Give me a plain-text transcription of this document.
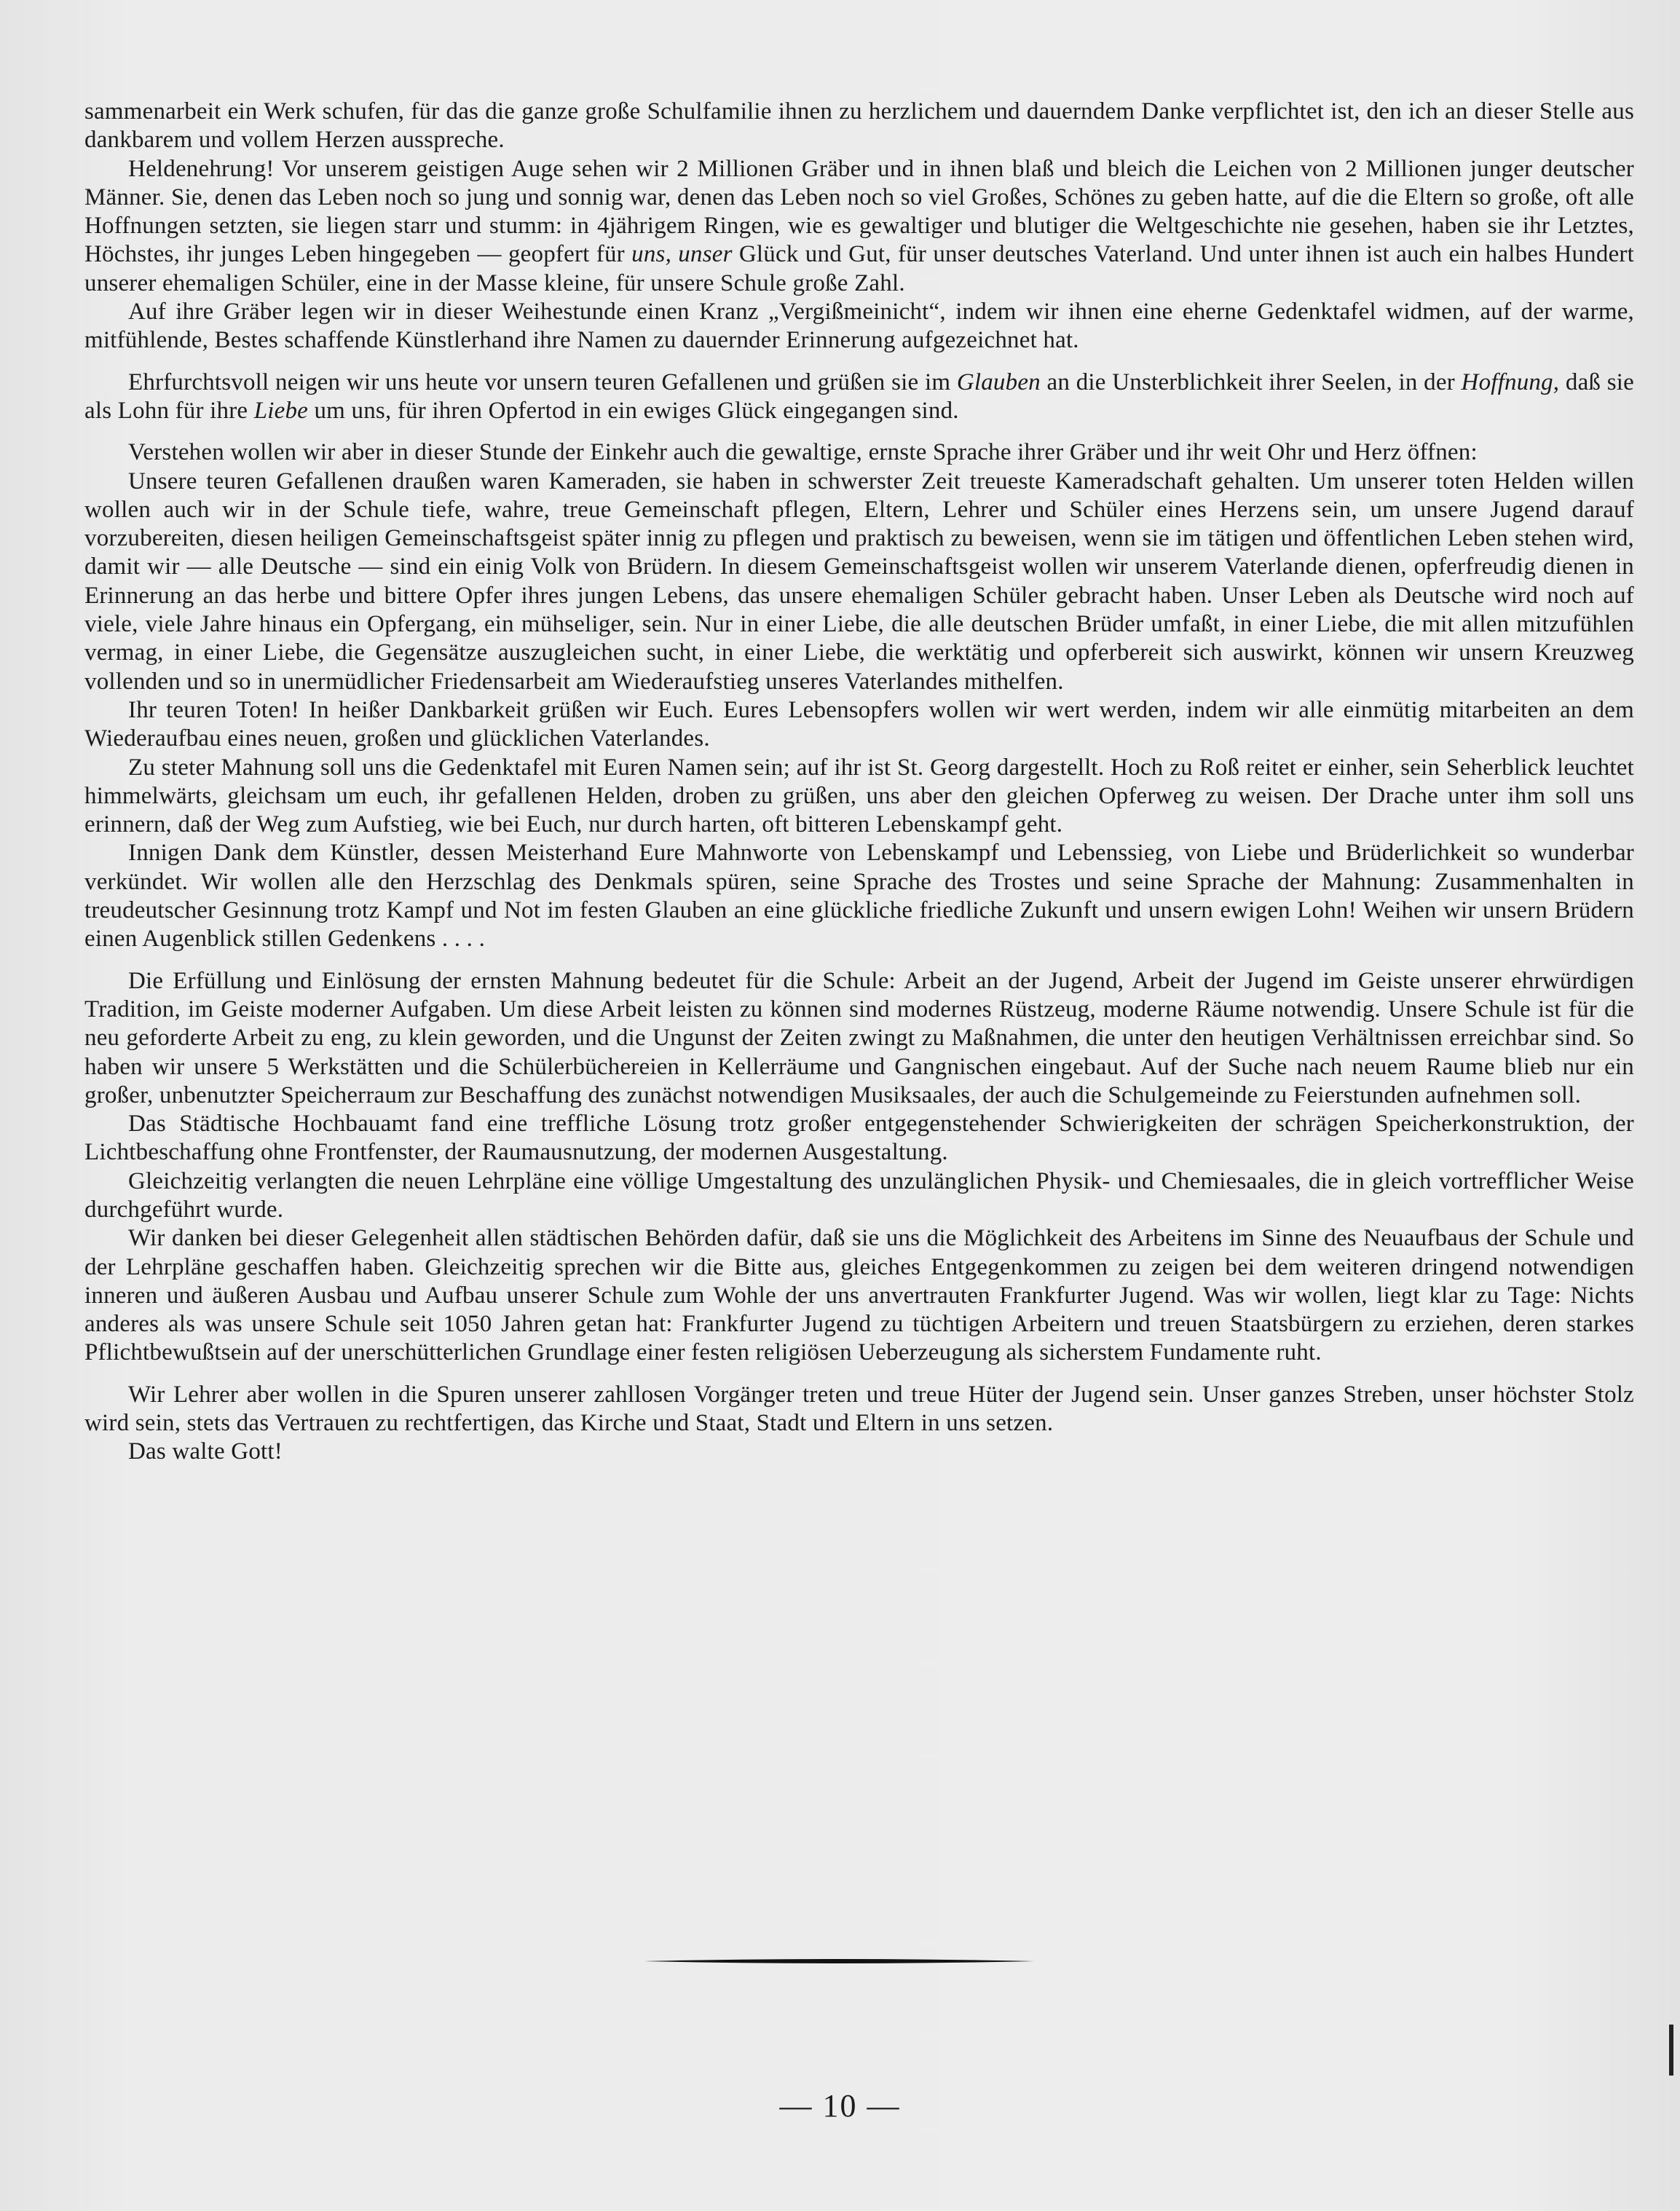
sammenarbeit ein Werk schufen, für das die ganze große Schulfamilie ihnen zu herzlichem und dauerndem Danke verpflichtet ist, den ich an dieser Stelle aus dankbarem und vollem Herzen ausspreche.

Heldenehrung! Vor unserem geistigen Auge sehen wir 2 Millionen Gräber und in ihnen blaß und bleich die Leichen von 2 Millionen junger deutscher Männer. Sie, denen das Leben noch so jung und sonnig war, denen das Leben noch so viel Großes, Schönes zu geben hatte, auf die die Eltern so große, oft alle Hoffnungen setzten, sie liegen starr und stumm: in 4jährigem Ringen, wie es gewaltiger und blutiger die Weltgeschichte nie gesehen, haben sie ihr Letztes, Höchstes, ihr junges Leben hingegeben — geopfert für uns, unser Glück und Gut, für unser deutsches Vaterland. Und unter ihnen ist auch ein halbes Hundert unserer ehemaligen Schüler, eine in der Masse kleine, für unsere Schule große Zahl.

Auf ihre Gräber legen wir in dieser Weihestunde einen Kranz „Vergißmeinicht“, indem wir ihnen eine eherne Gedenktafel widmen, auf der warme, mitfühlende, Bestes schaffende Künstlerhand ihre Namen zu dauernder Erinnerung aufgezeichnet hat.

Ehrfurchtsvoll neigen wir uns heute vor unsern teuren Gefallenen und grüßen sie im Glauben an die Unsterblichkeit ihrer Seelen, in der Hoffnung, daß sie als Lohn für ihre Liebe um uns, für ihren Opfertod in ein ewiges Glück eingegangen sind.

Verstehen wollen wir aber in dieser Stunde der Einkehr auch die gewaltige, ernste Sprache ihrer Gräber und ihr weit Ohr und Herz öffnen:

Unsere teuren Gefallenen draußen waren Kameraden, sie haben in schwerster Zeit treueste Kameradschaft gehalten. Um unserer toten Helden willen wollen auch wir in der Schule tiefe, wahre, treue Gemeinschaft pflegen, Eltern, Lehrer und Schüler eines Herzens sein, um unsere Jugend darauf vorzubereiten, diesen heiligen Gemeinschaftsgeist später innig zu pflegen und praktisch zu beweisen, wenn sie im tätigen und öffentlichen Leben stehen wird, damit wir — alle Deutsche — sind ein einig Volk von Brüdern. In diesem Gemeinschaftsgeist wollen wir unserem Vaterlande dienen, opferfreudig dienen in Erinnerung an das herbe und bittere Opfer ihres jungen Lebens, das unsere ehemaligen Schüler gebracht haben. Unser Leben als Deutsche wird noch auf viele, viele Jahre hinaus ein Opfergang, ein mühseliger, sein. Nur in einer Liebe, die alle deutschen Brüder umfaßt, in einer Liebe, die mit allen mitzufühlen vermag, in einer Liebe, die Gegensätze auszugleichen sucht, in einer Liebe, die werktätig und opferbereit sich auswirkt, können wir unsern Kreuzweg vollenden und so in unermüdlicher Friedensarbeit am Wiederaufstieg unseres Vaterlandes mithelfen.

Ihr teuren Toten! In heißer Dankbarkeit grüßen wir Euch. Eures Lebensopfers wollen wir wert werden, indem wir alle einmütig mitarbeiten an dem Wiederaufbau eines neuen, großen und glücklichen Vaterlandes.

Zu steter Mahnung soll uns die Gedenktafel mit Euren Namen sein; auf ihr ist St. Georg dargestellt. Hoch zu Roß reitet er einher, sein Seherblick leuchtet himmelwärts, gleichsam um euch, ihr gefallenen Helden, droben zu grüßen, uns aber den gleichen Opferweg zu weisen. Der Drache unter ihm soll uns erinnern, daß der Weg zum Aufstieg, wie bei Euch, nur durch harten, oft bitteren Lebenskampf geht.

Innigen Dank dem Künstler, dessen Meisterhand Eure Mahnworte von Lebenskampf und Lebenssieg, von Liebe und Brüderlichkeit so wunderbar verkündet. Wir wollen alle den Herzschlag des Denkmals spüren, seine Sprache des Trostes und seine Sprache der Mahnung: Zusammenhalten in treudeutscher Gesinnung trotz Kampf und Not im festen Glauben an eine glückliche friedliche Zukunft und unsern ewigen Lohn! Weihen wir unsern Brüdern einen Augenblick stillen Gedenkens . . . .

Die Erfüllung und Einlösung der ernsten Mahnung bedeutet für die Schule: Arbeit an der Jugend, Arbeit der Jugend im Geiste unserer ehrwürdigen Tradition, im Geiste moderner Aufgaben. Um diese Arbeit leisten zu können sind modernes Rüstzeug, moderne Räume notwendig. Unsere Schule ist für die neu geforderte Arbeit zu eng, zu klein geworden, und die Ungunst der Zeiten zwingt zu Maßnahmen, die unter den heutigen Verhältnissen erreichbar sind. So haben wir unsere 5 Werkstätten und die Schülerbüchereien in Kellerräume und Gangnischen eingebaut. Auf der Suche nach neuem Raume blieb nur ein großer, unbenutzter Speicherraum zur Beschaffung des zunächst notwendigen Musiksaales, der auch die Schulgemeinde zu Feierstunden aufnehmen soll.

Das Städtische Hochbauamt fand eine treffliche Lösung trotz großer entgegenstehender Schwierigkeiten der schrägen Speicherkonstruktion, der Lichtbeschaffung ohne Frontfenster, der Raumausnutzung, der modernen Ausgestaltung.

Gleichzeitig verlangten die neuen Lehrpläne eine völlige Umgestaltung des unzulänglichen Physik- und Chemiesaales, die in gleich vortrefflicher Weise durchgeführt wurde.

Wir danken bei dieser Gelegenheit allen städtischen Behörden dafür, daß sie uns die Möglichkeit des Arbeitens im Sinne des Neuaufbaus der Schule und der Lehrpläne geschaffen haben. Gleichzeitig sprechen wir die Bitte aus, gleiches Entgegenkommen zu zeigen bei dem weiteren dringend notwendigen inneren und äußeren Ausbau und Aufbau unserer Schule zum Wohle der uns anvertrauten Frankfurter Jugend. Was wir wollen, liegt klar zu Tage: Nichts anderes als was unsere Schule seit 1050 Jahren getan hat: Frankfurter Jugend zu tüchtigen Arbeitern und treuen Staatsbürgern zu erziehen, deren starkes Pflichtbewußtsein auf der unerschütterlichen Grundlage einer festen religiösen Ueberzeugung als sicherstem Fundamente ruht.

Wir Lehrer aber wollen in die Spuren unserer zahllosen Vorgänger treten und treue Hüter der Jugend sein. Unser ganzes Streben, unser höchster Stolz wird sein, stets das Vertrauen zu rechtfertigen, das Kirche und Staat, Stadt und Eltern in uns setzen.

Das walte Gott!

— 10 —
